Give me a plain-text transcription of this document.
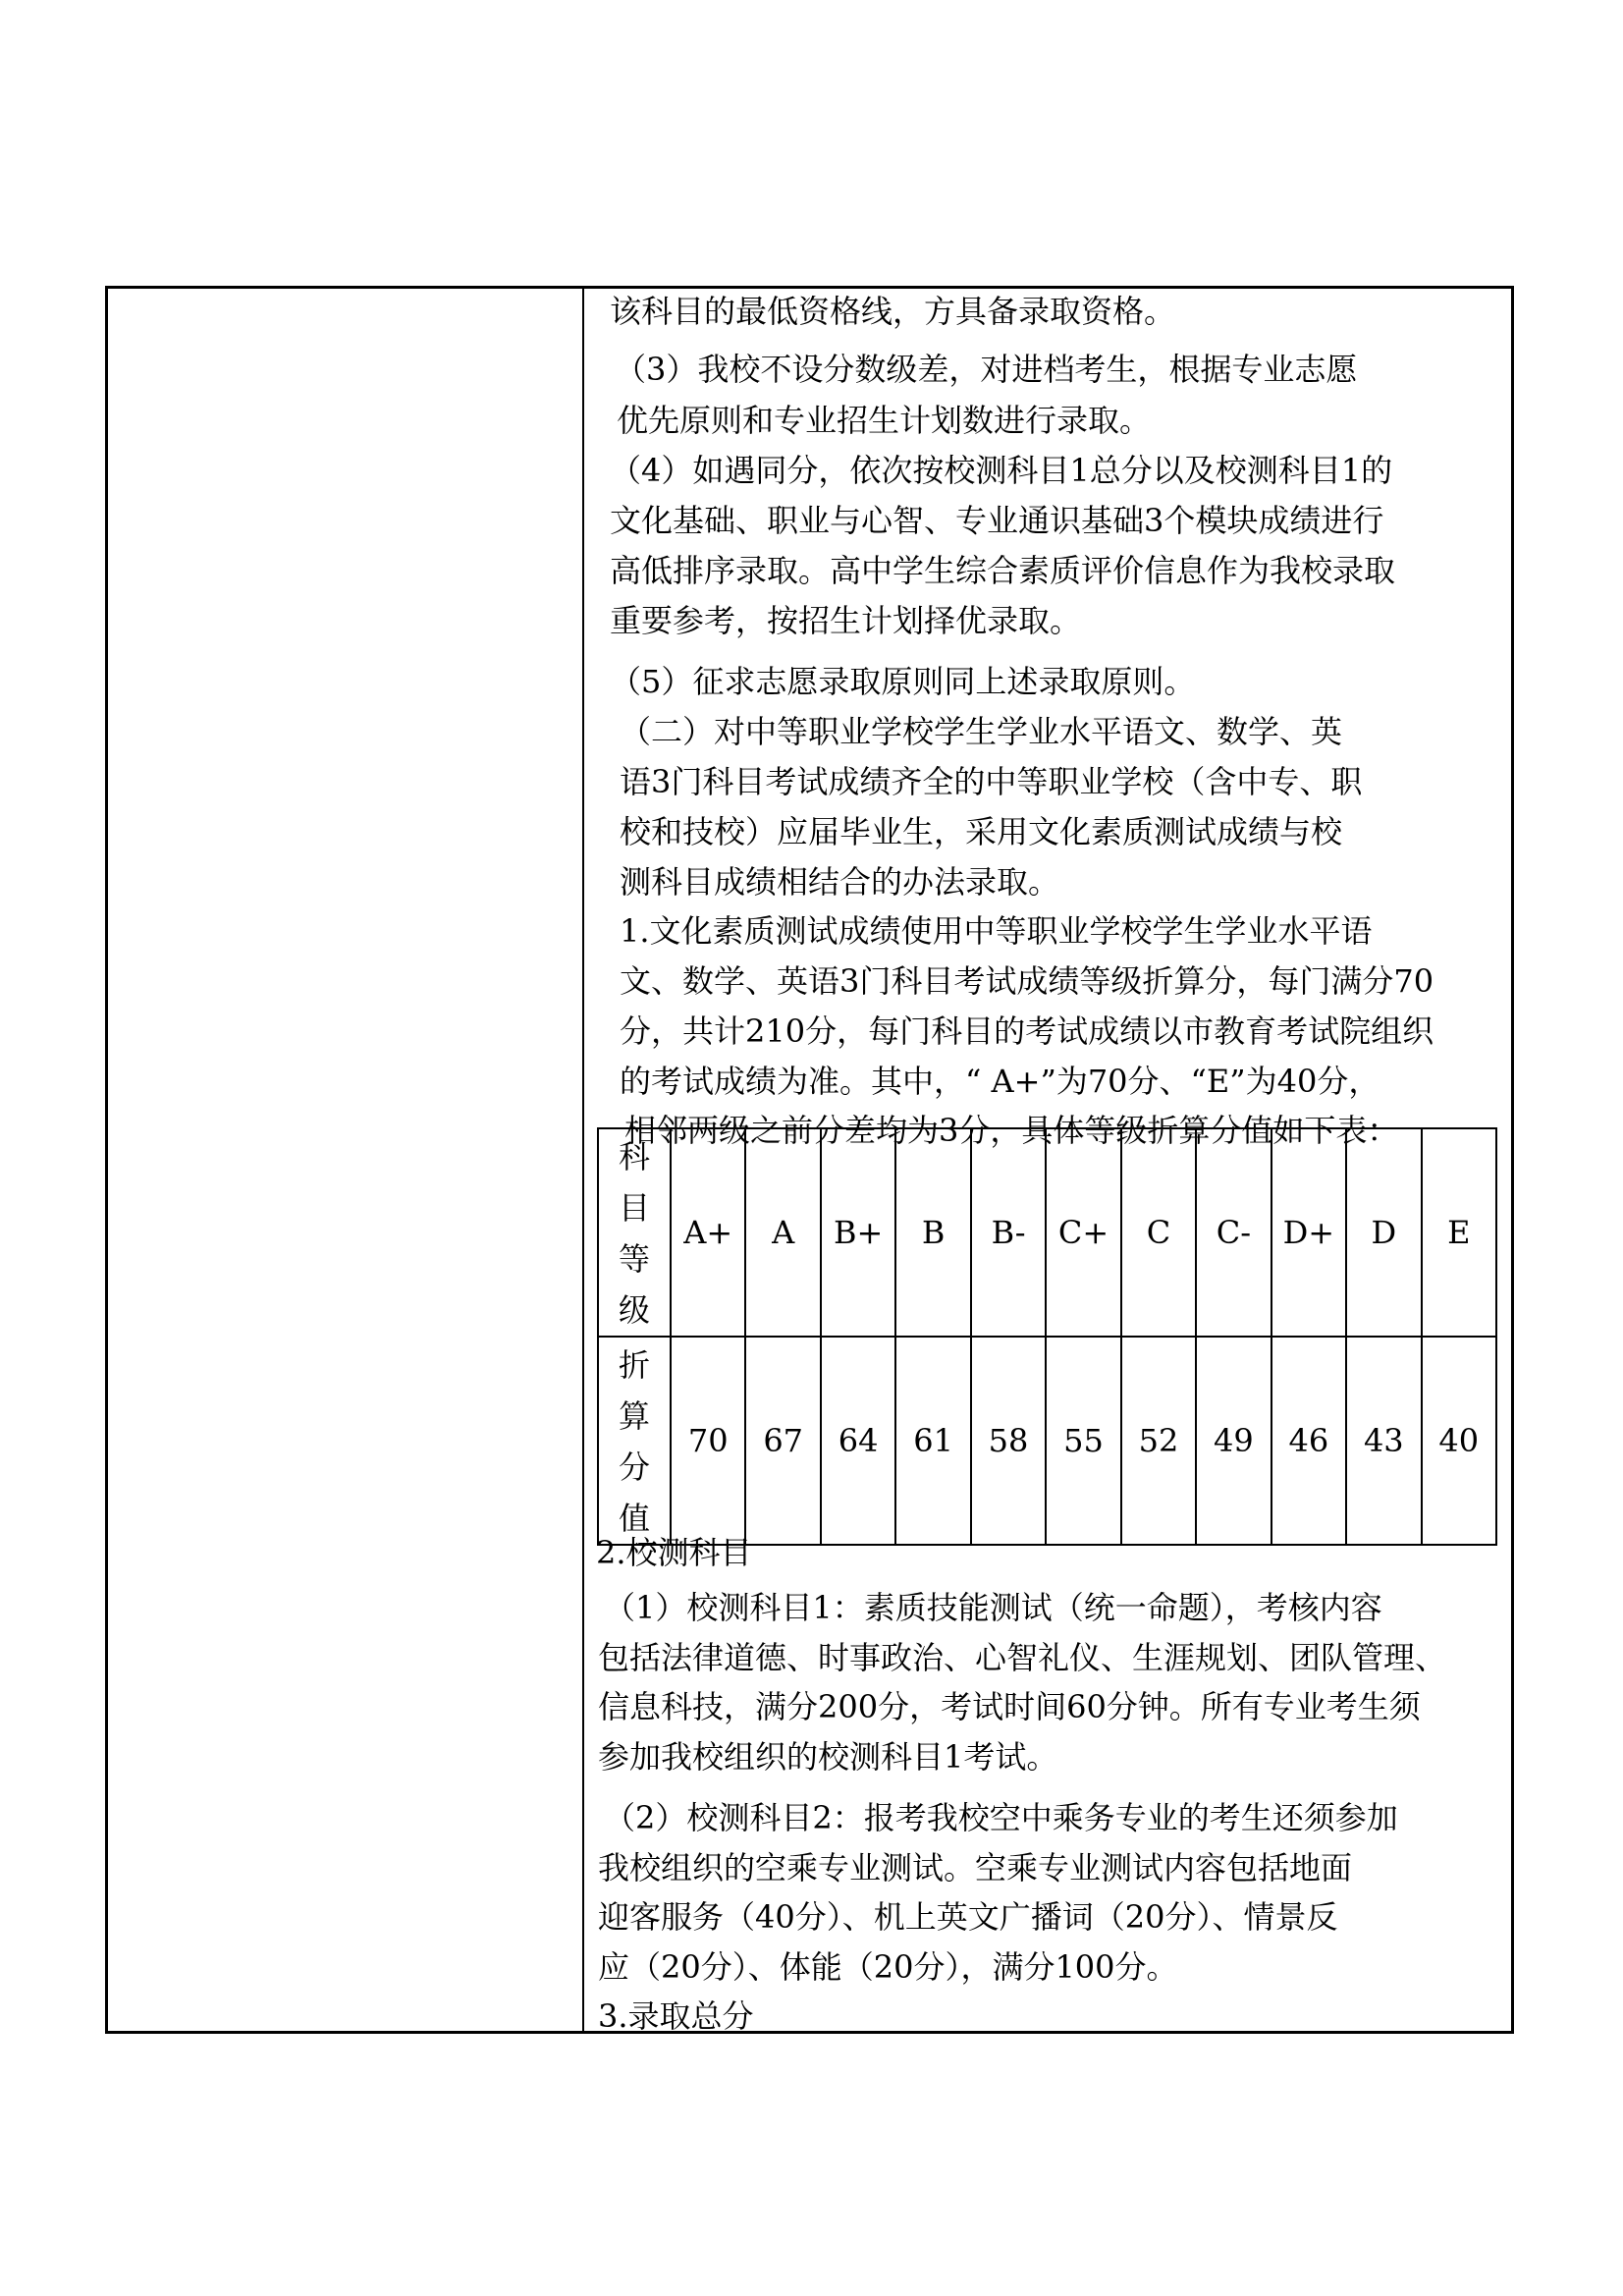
该科目的最低资格线，方具备录取资格。
（3）我校不设分数级差，对进档考生，根据专业志愿
优先原则和专业招生计划数进行录取。
（4）如遇同分，依次按校测科目1总分以及校测科目1的
文化基础、职业与心智、专业通识基础3个模块成绩进行
高低排序录取。高中学生综合素质评价信息作为我校录取
重要参考，按招生计划择优录取。
（5）征求志愿录取原则同上述录取原则。
（二）对中等职业学校学生学业水平语文、数学、英
语3门科目考试成绩齐全的中等职业学校（含中专、职
校和技校）应届毕业生，采用文化素质测试成绩与校
测科目成绩相结合的办法录取。
1.文化素质测试成绩使用中等职业学校学生学业水平语
文、数学、英语3门科目考试成绩等级折算分，每门满分70
分，共计210分，每门科目的考试成绩以市教育考试院组织
的考试成绩为准。其中，“ A+”为70分、“E”为40分，
相邻两级之前分差均为3分，具体等级折算分值如下表：
科
目
等
级	A+	A	B+	B	B-	C+	C	C-	D+	D	E
折
算
分
值	70	67	64	61	58	55	52	49	46	43	40
2.校测科目
（1）校测科目1：素质技能测试（统一命题），考核内容
包括法律道德、时事政治、心智礼仪、生涯规划、团队管理、
信息科技，满分200分，考试时间60分钟。所有专业考生须
参加我校组织的校测科目1考试。
（2）校测科目2：报考我校空中乘务专业的考生还须参加
我校组织的空乘专业测试。空乘专业测试内容包括地面
迎客服务（40分）、机上英文广播词（20分）、情景反
应（20分）、体能（20分），满分100分。
3.录取总分
